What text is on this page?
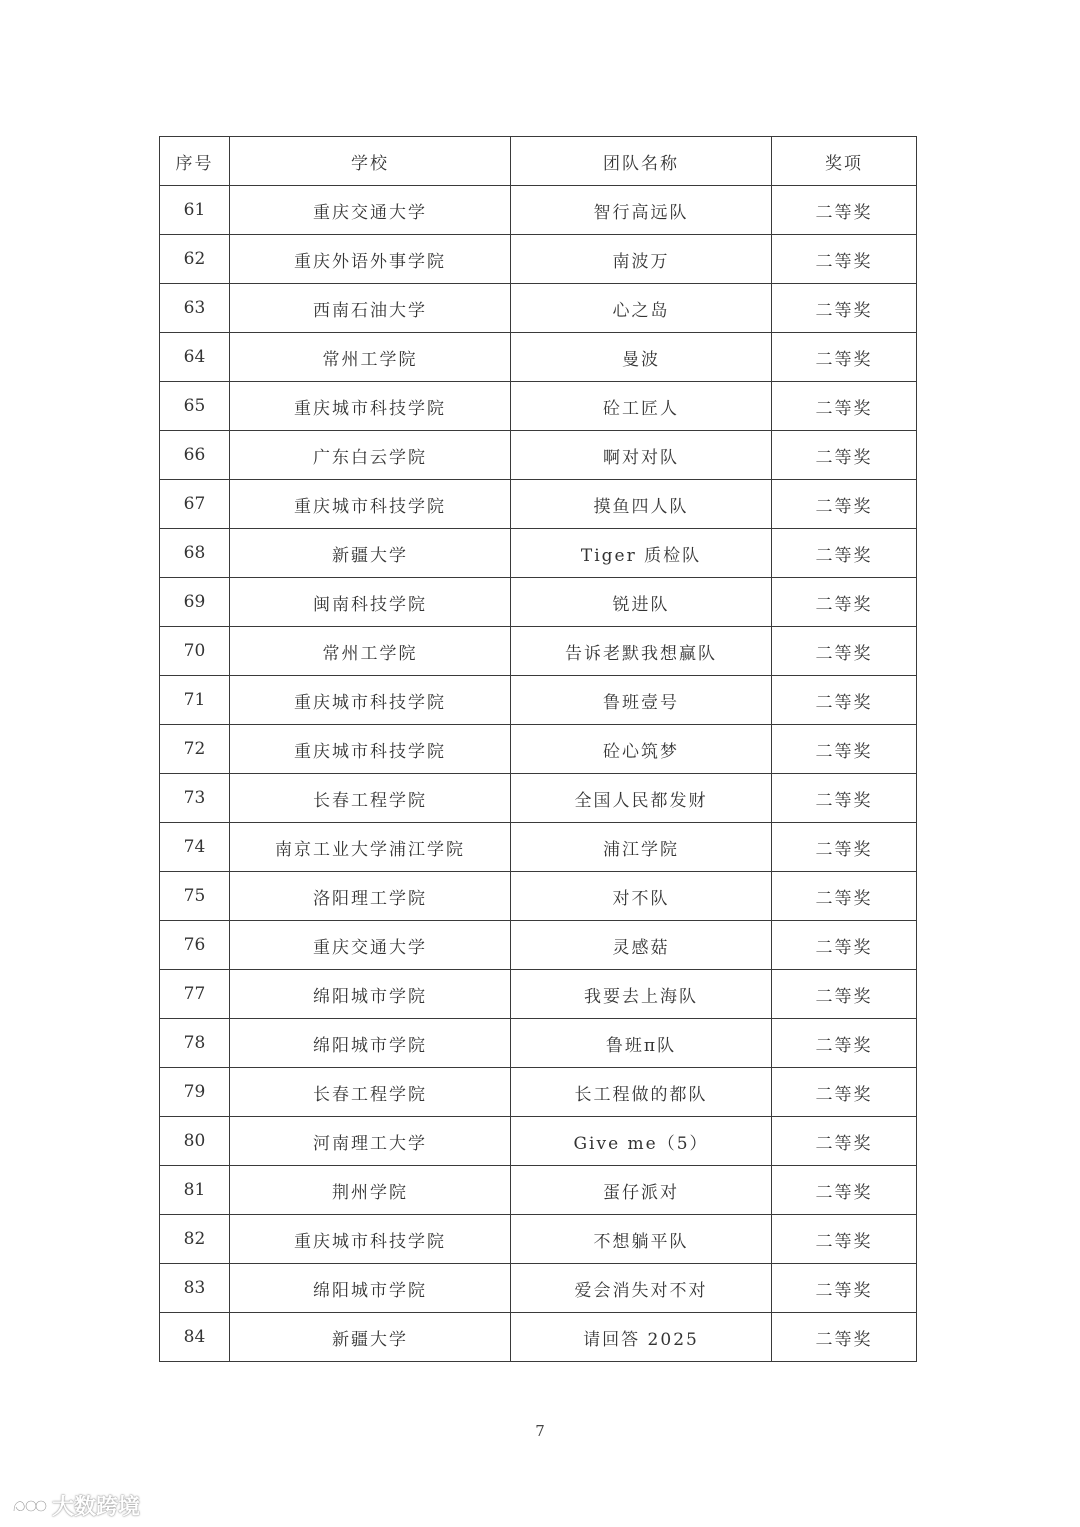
序号	学校	团队名称	奖项
61	重庆交通大学	智行高远队	二等奖
62	重庆外语外事学院	南波万	二等奖
63	西南石油大学	心之岛	二等奖
64	常州工学院	曼波	二等奖
65	重庆城市科技学院	砼工匠人	二等奖
66	广东白云学院	啊对对队	二等奖
67	重庆城市科技学院	摸鱼四人队	二等奖
68	新疆大学	Tiger 质检队	二等奖
69	闽南科技学院	锐进队	二等奖
70	常州工学院	告诉老默我想赢队	二等奖
71	重庆城市科技学院	鲁班壹号	二等奖
72	重庆城市科技学院	砼心筑梦	二等奖
73	长春工程学院	全国人民都发财	二等奖
74	南京工业大学浦江学院	浦江学院	二等奖
75	洛阳理工学院	对不队	二等奖
76	重庆交通大学	灵感菇	二等奖
77	绵阳城市学院	我要去上海队	二等奖
78	绵阳城市学院	鲁班π队	二等奖
79	长春工程学院	长工程做的都队	二等奖
80	河南理工大学	Give me（5）	二等奖
81	荆州学院	蛋仔派对	二等奖
82	重庆城市科技学院	不想躺平队	二等奖
83	绵阳城市学院	爱会消失对不对	二等奖
84	新疆大学	请回答 2025	二等奖
7
大数跨境
